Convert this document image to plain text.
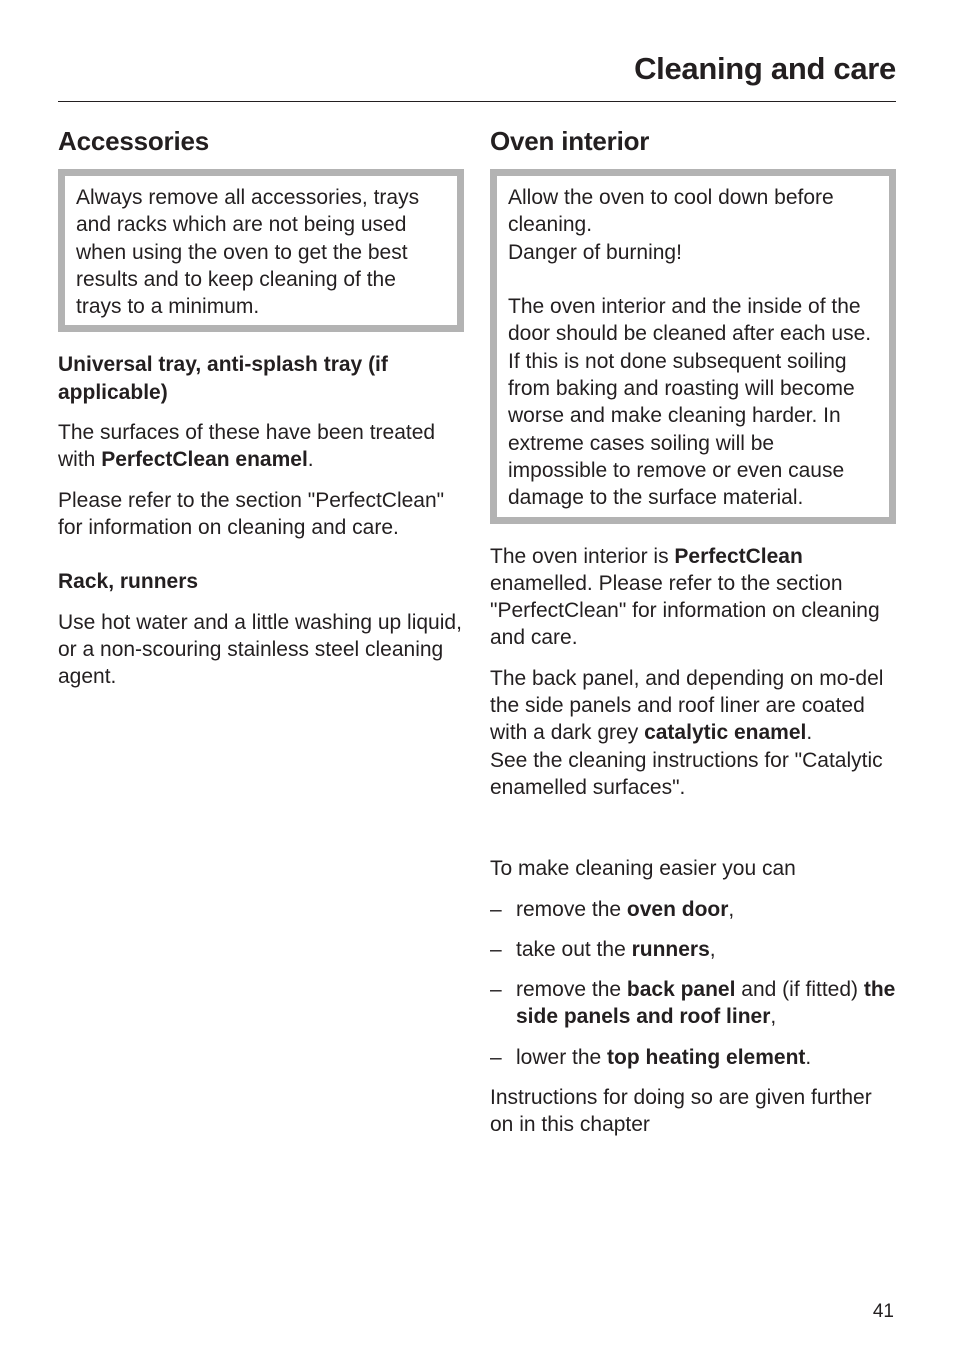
Cleaning and care
Accessories

Always remove all accessories, trays and racks which are not being used when using the oven to get the best results and to keep cleaning of the trays to a minimum.

Universal tray, anti-splash tray (if applicable)

The surfaces of these have been treated with PerfectClean enamel.

Please refer to the section "PerfectClean" for information on cleaning and care.

Rack, runners

Use hot water and a little washing up liquid, or a non-scouring stainless steel cleaning agent.

Oven interior

Allow the oven to cool down before cleaning.

Danger of burning!

The oven interior and the inside of the door should be cleaned after each use. If this is not done subsequent soiling from baking and roasting will become worse and make cleaning harder. In extreme cases soiling will be impossible to remove or even cause damage to the surface material.

The oven interior is PerfectClean enamelled. Please refer to the section "PerfectClean" for information on cleaning and care.

The back panel, and depending on mo-del the side panels and roof liner are coated with a dark grey catalytic enamel.
See the cleaning instructions for "Catalytic enamelled surfaces".

To make cleaning easier you can

– remove the oven door,
– take out the runners,
– remove the back panel and (if fitted) the side panels and roof liner,
– lower the top heating element.

Instructions for doing so are given further on in this chapter

41
